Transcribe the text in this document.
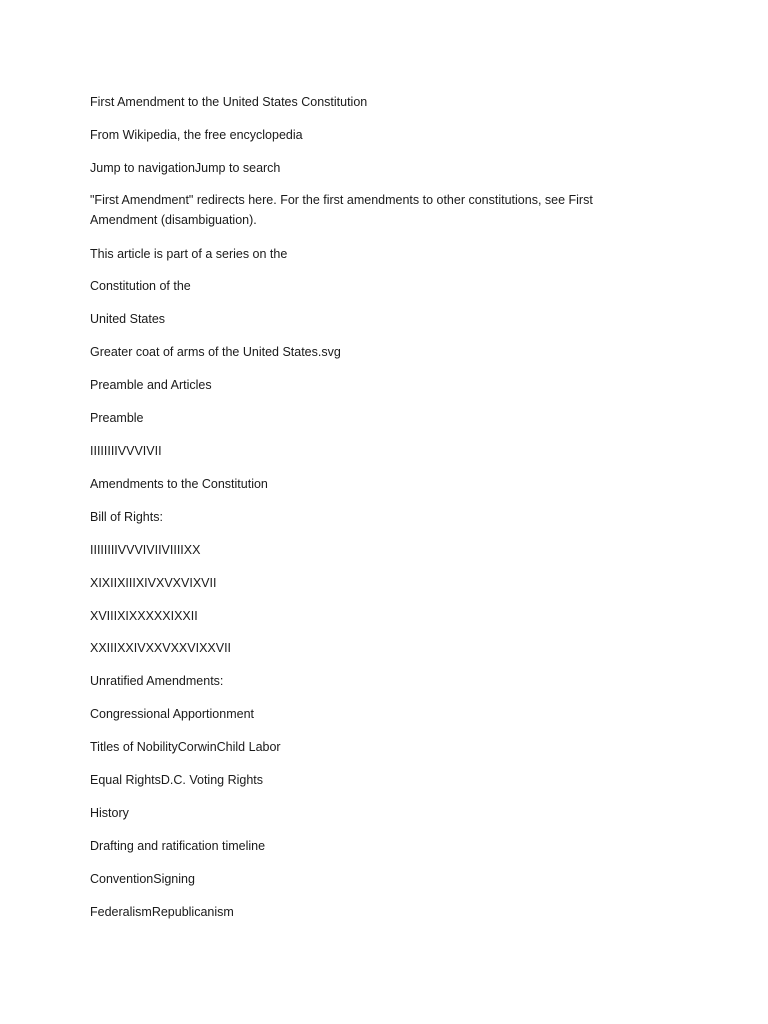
First Amendment to the United States Constitution
From Wikipedia, the free encyclopedia
Jump to navigationJump to search
"First Amendment" redirects here. For the first amendments to other constitutions, see First Amendment (disambiguation).
This article is part of a series on the
Constitution of the
United States
Greater coat of arms of the United States.svg
Preamble and Articles
Preamble
IIIIIIIIVVVIVII
Amendments to the Constitution
Bill of Rights:
IIIIIIIIVVVIVIIVIIIIXX
XIXIIXIIIXIVXVXVIXVII
XVIIIXIXXXXXIXXII
XXIIIXXIVXXVXXVIXXVII
Unratified Amendments:
Congressional Apportionment
Titles of NobilityCorwinChild Labor
Equal RightsD.C. Voting Rights
History
Drafting and ratification timeline
ConventionSigning
FederalismRepublicanism
